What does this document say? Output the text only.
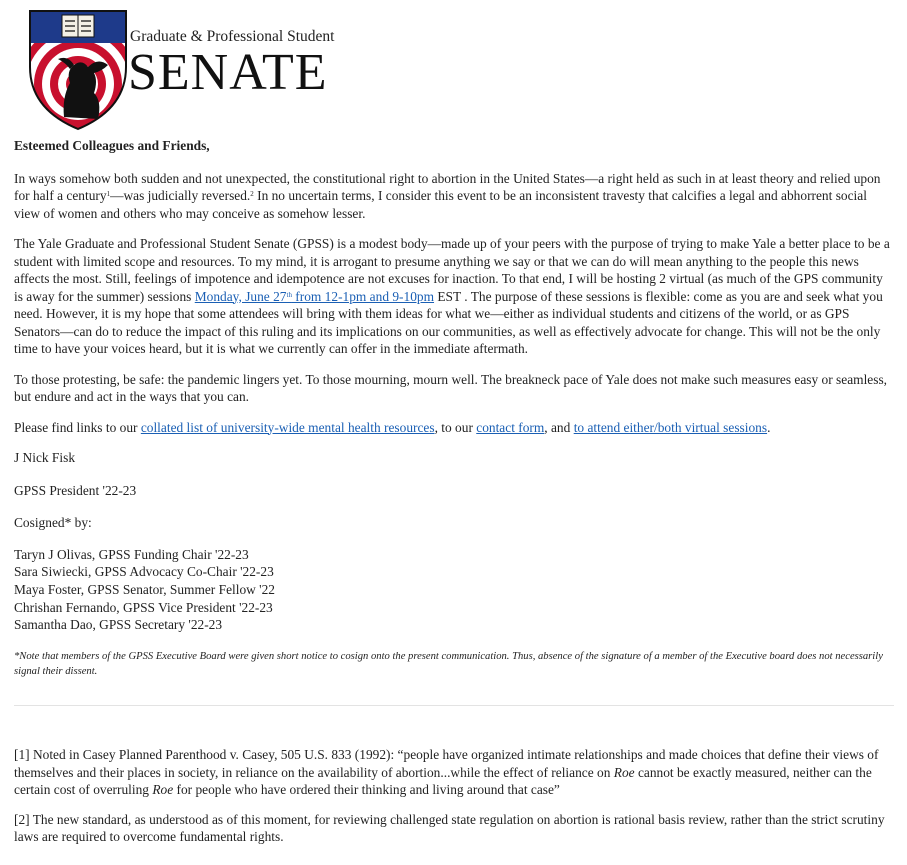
Graduate & Professional Student
SENATE

Esteemed Colleagues and Friends,

In ways somehow both sudden and not unexpected, the constitutional right to abortion in the United States—a right held as such in at least theory and relied upon for half a century$^1$—was judicially reversed.$^2$ In no uncertain terms, I consider this event to be an inconsistent travesty that calcifies a legal and abhorrent social view of women and others who may conceive as somehow lesser.

The Yale Graduate and Professional Student Senate (GPSS) is a modest body—made up of your peers with the purpose of trying to make Yale a better place to be a student with limited scope and resources. To my mind, it is arrogant to presume anything we say or that we can do will mean anything to the people this news affects the most. Still, feelings of impotence and idempotence are not excuses for inaction. To that end, I will be hosting 2 virtual (as much of the GPS community is away for the summer) sessions Monday, June 27th from 12-1pm and 9-10pm EST . The purpose of these sessions is flexible: come as you are and seek what you need. However, it is my hope that some attendees will bring with them ideas for what we—either as individual students and citizens of the world, or as GPS Senators—can do to reduce the impact of this ruling and its implications on our communities, as well as effectively advocate for change. This will not be the only time to have your voices heard, but it is what we currently can offer in the immediate aftermath.

To those protesting, be safe: the pandemic lingers yet. To those mourning, mourn well. The breakneck pace of Yale does not make such measures easy or seamless, but endure and act in the ways that you can.

Please find links to our collated list of university-wide mental health resources, to our contact form, and to attend either/both virtual sessions.

J Nick Fisk

GPSS President '22-23

Cosigned* by:

Taryn J Olivas, GPSS Funding Chair '22-23
Sara Siwiecki, GPSS Advocacy Co-Chair '22-23
Maya Foster, GPSS Senator, Summer Fellow '22
Chrishan Fernando, GPSS Vice President '22-23
Samantha Dao, GPSS Secretary '22-23
*Note that members of the GPSS Executive Board were given short notice to cosign onto the present communication. Thus, absence of the signature of a member of the Executive board does not necessarily signal their dissent.

[1] Noted in Casey Planned Parenthood v. Casey, 505 U.S. 833 (1992): “people have organized intimate relationships and made choices that define their views of themselves and their places in society, in reliance on the availability of abortion...while the effect of reliance on Roe cannot be exactly measured, neither can the certain cost of overruling Roe for people who have ordered their thinking and living around that case”

[2] The new standard, as understood as of this moment, for reviewing challenged state regulation on abortion is rational basis review, rather than the strict scrutiny laws are required to overcome fundamental rights.
